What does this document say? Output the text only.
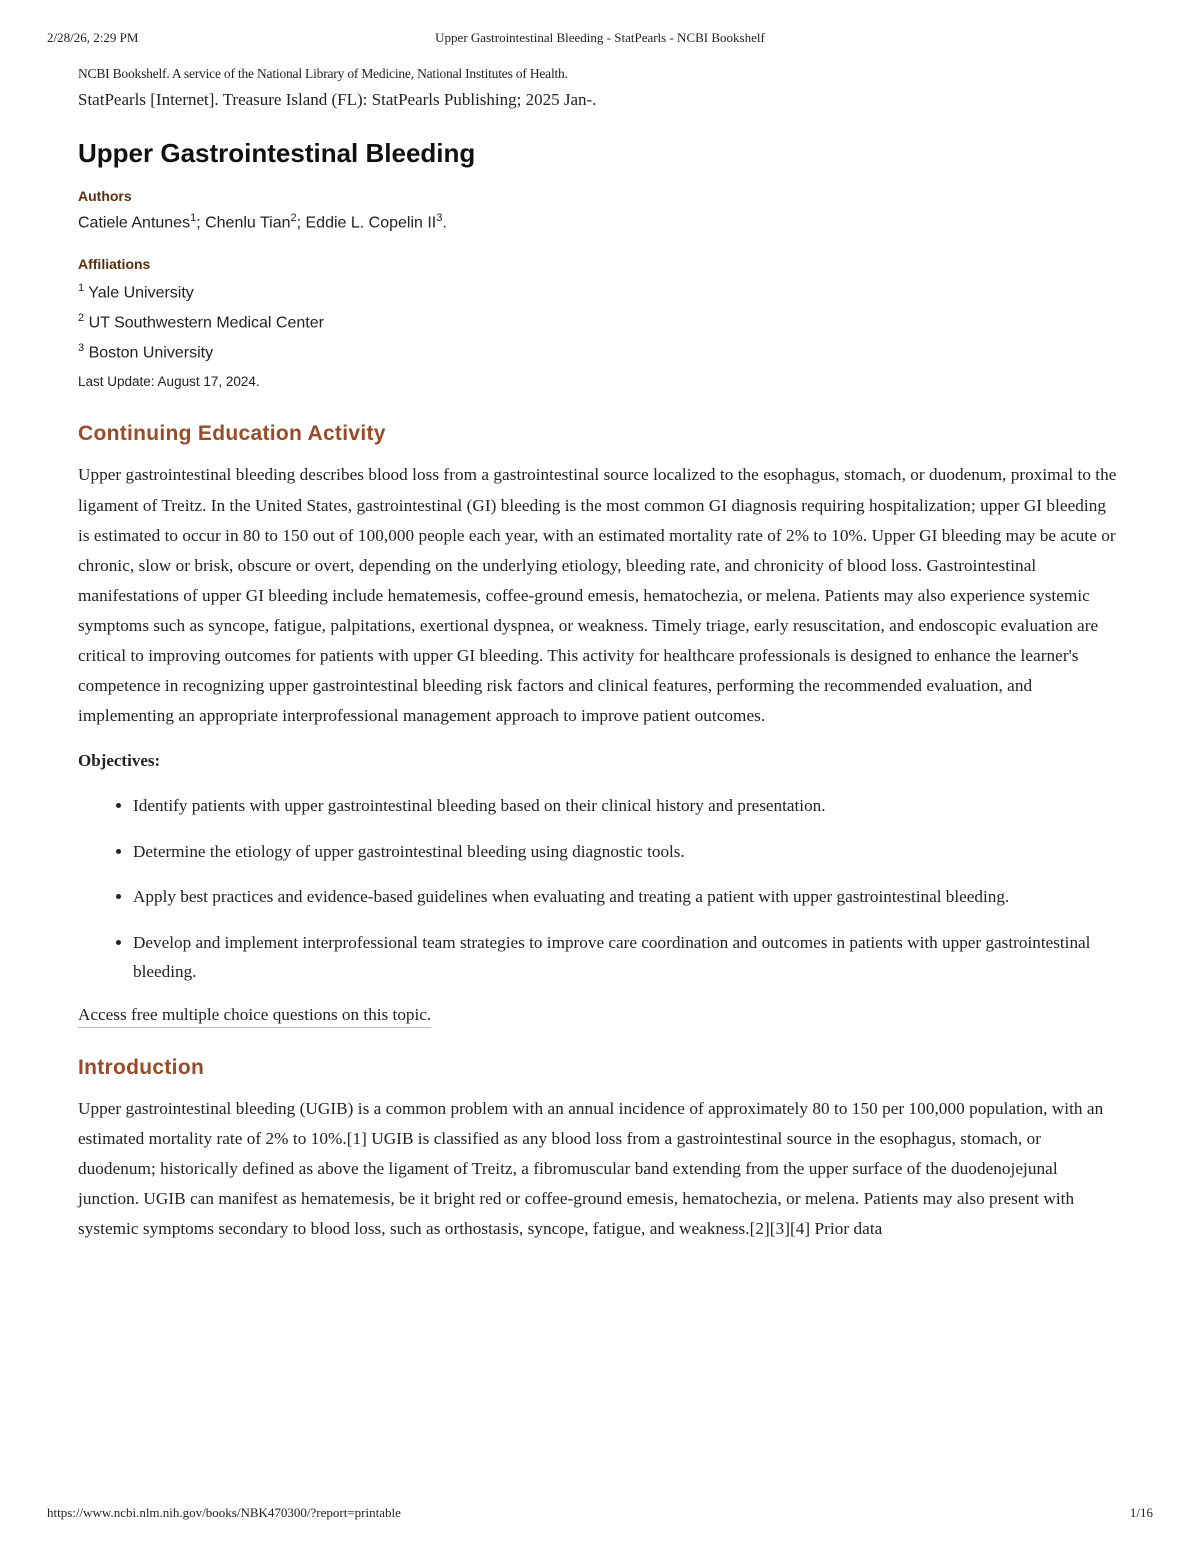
2/28/26, 2:29 PM	Upper Gastrointestinal Bleeding - StatPearls - NCBI Bookshelf

NCBI Bookshelf. A service of the National Library of Medicine, National Institutes of Health.

StatPearls [Internet]. Treasure Island (FL): StatPearls Publishing; 2025 Jan-.

Upper Gastrointestinal Bleeding

Authors

Catiele Antunes$^1$; Chenlu Tian$^2$; Eddie L. Copelin $II^3$.

Affiliations

$^1$ Yale University
$^2$ UT Southwestern Medical Center
$^3$ Boston University

Last Update: August 17, 2024.

Continuing Education Activity

Upper gastrointestinal bleeding describes blood loss from a gastrointestinal source localized to the esophagus, stomach, or duodenum, proximal to the ligament of Treitz. In the United States, gastrointestinal (GI) bleeding is the most common GI diagnosis requiring hospitalization; upper GI bleeding is estimated to occur in 80 to 150 out of 100,000 people each year, with an estimated mortality rate of 2% to 10%. Upper GI bleeding may be acute or chronic, slow or brisk, obscure or overt, depending on the underlying etiology, bleeding rate, and chronicity of blood loss. Gastrointestinal manifestations of upper GI bleeding include hematemesis, coffee-ground emesis, hematochezia, or melena. Patients may also experience systemic symptoms such as syncope, fatigue, palpitations, exertional dyspnea, or weakness. Timely triage, early resuscitation, and endoscopic evaluation are critical to improving outcomes for patients with upper GI bleeding. This activity for healthcare professionals is designed to enhance the learner's competence in recognizing upper gastrointestinal bleeding risk factors and clinical features, performing the recommended evaluation, and implementing an appropriate interprofessional management approach to improve patient outcomes.

Objectives:

• Identify patients with upper gastrointestinal bleeding based on their clinical history and presentation.
• Determine the etiology of upper gastrointestinal bleeding using diagnostic tools.
• Apply best practices and evidence-based guidelines when evaluating and treating a patient with upper gastrointestinal bleeding.
• Develop and implement interprofessional team strategies to improve care coordination and outcomes in patients with upper gastrointestinal bleeding.
Access free multiple choice questions on this topic.
Introduction

Upper gastrointestinal bleeding (UGIB) is a common problem with an annual incidence of approximately 80 to 150 per 100,000 population, with an estimated mortality rate of 2% to 10%.[1] UGIB is classified as any blood loss from a gastrointestinal source in the esophagus, stomach, or duodenum; historically defined as above the ligament of Treitz, a fibromuscular band extending from the upper surface of the duodenojejunal junction. UGIB can manifest as hematemesis, be it bright red or coffee-ground emesis, hematochezia, or melena. Patients may also present with systemic symptoms secondary to blood loss, such as orthostasis, syncope, fatigue, and weakness.[2][3][4] Prior data

https://www.ncbi.nlm.nih.gov/books/NBK470300/?report=printable	1/16
